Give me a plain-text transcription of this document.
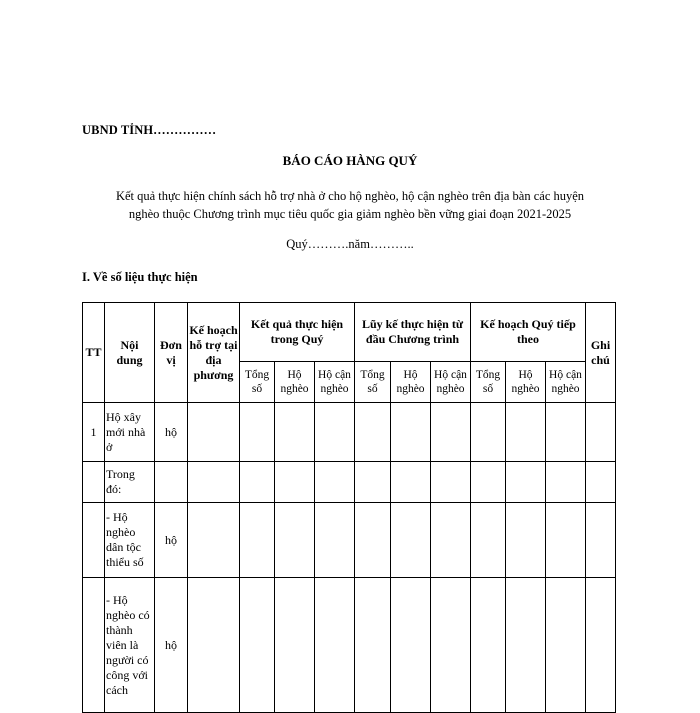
UBND TỈNH……………
BÁO CÁO HÀNG QUÝ
Kết quả thực hiện chính sách hỗ trợ nhà ở cho hộ nghèo, hộ cận nghèo trên địa bàn các huyện
nghèo thuộc Chương trình mục tiêu quốc gia giảm nghèo bền vững giai đoạn 2021-2025
Quý……….năm………..
I. Về số liệu thực hiện
TT	Nội dung	Đơn vị	Kế hoạch hỗ trợ tại địa phương	Kết quả thực hiện trong Quý			Lũy kế thực hiện từ đầu Chương trình			Kế hoạch Quý tiếp theo			Ghi chú
				Tổng số	Hộ nghèo	Hộ cận nghèo	Tổng số	Hộ nghèo	Hộ cận nghèo	Tổng số	Hộ nghèo	Hộ cận nghèo	
1	Hộ xây mới nhà ở	hộ											
	Trong đó:												
	- Hộ nghèo dân tộc thiểu số	hộ											
	- Hộ nghèo có thành viên là người có công với cách	hộ											
